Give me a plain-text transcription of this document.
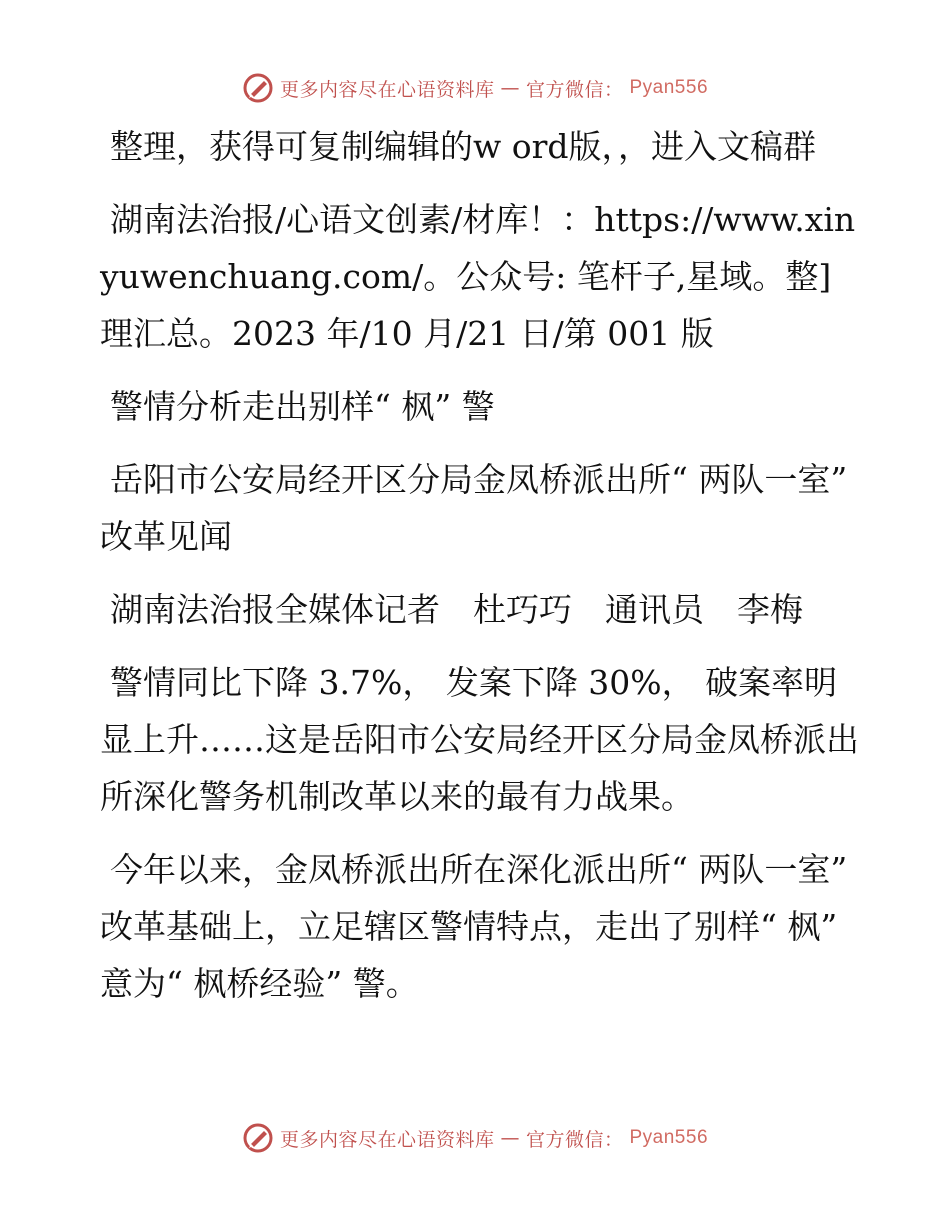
更多内容尽在心语资料库 — 官方微信： Pyan556

整理，获得可复制编辑的w ord版，，进入文稿群

湖南法治报/心语文创素/材库！：https://www.xinyuwenchuang.com/。公众号: 笔杆子,星域。整]理汇总。2023 年/10 月/21 日/第 001 版

警情分析走出别样“ 枫” 警

岳阳市公安局经开区分局金凤桥派出所“ 两队一室” 改革见闻

湖南法治报全媒体记者　杜巧巧　通讯员　李梅

警情同比下降 3.7%， 发案下降 30%， 破案率明显上升……这是岳阳市公安局经开区分局金凤桥派出所深化警务机制改革以来的最有力战果。

今年以来，金凤桥派出所在深化派出所“ 两队一室” 改革基础上，立足辖区警情特点，走出了别样“ 枫” 意为“ 枫桥经验” 警。

更多内容尽在心语资料库 — 官方微信： Pyan556
